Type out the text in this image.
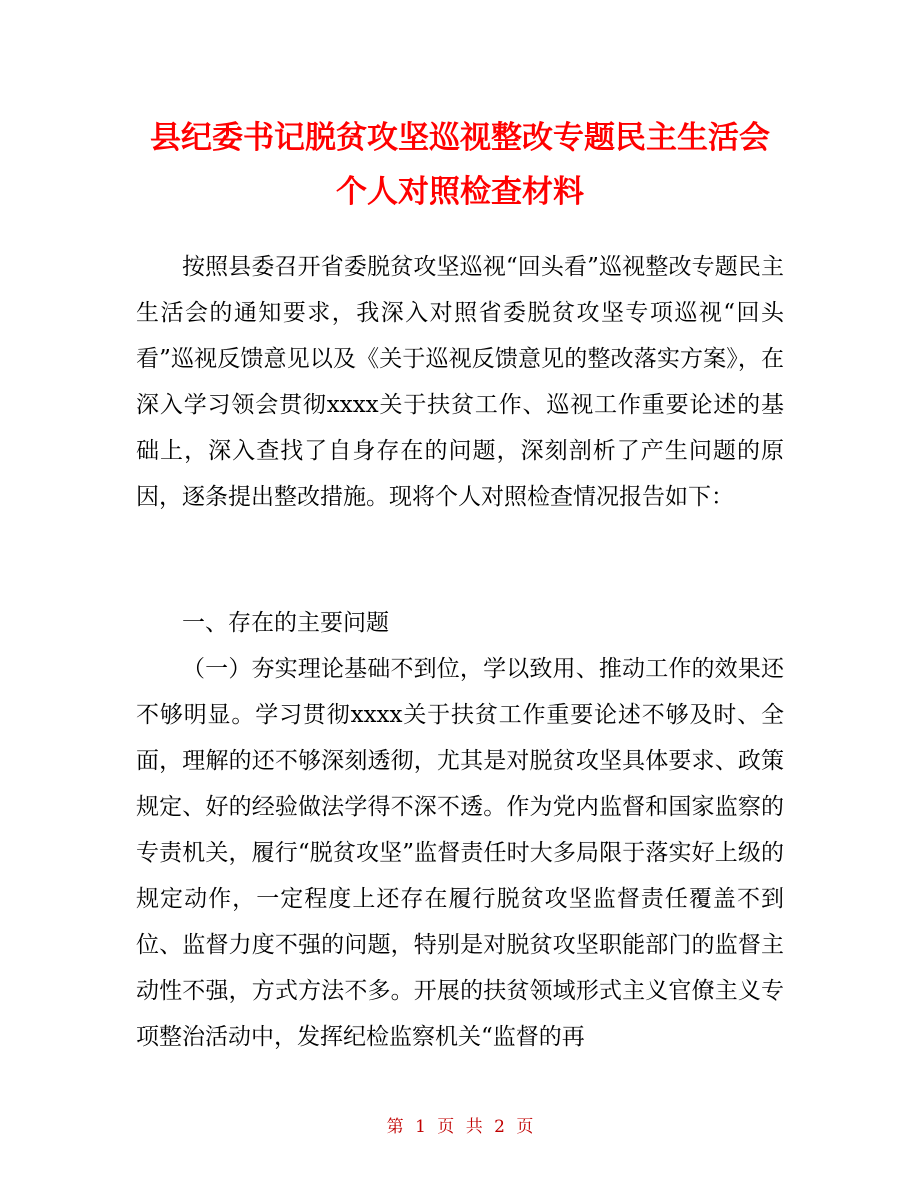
县纪委书记脱贫攻坚巡视整改专题民主生活会
个人对照检查材料

按照县委召开省委脱贫攻坚巡视“回头看”巡视整改专题民主生活会的通知要求，我深入对照省委脱贫攻坚专项巡视“回头看”巡视反馈意见以及《关于巡视反馈意见的整改落实方案》，在深入学习领会贯彻xxxx关于扶贫工作、巡视工作重要论述的基础上，深入查找了自身存在的问题，深刻剖析了产生问题的原因，逐条提出整改措施。现将个人对照检查情况报告如下：

一、存在的主要问题

（一）夯实理论基础不到位，学以致用、推动工作的效果还不够明显。学习贯彻xxxx关于扶贫工作重要论述不够及时、全面，理解的还不够深刻透彻，尤其是对脱贫攻坚具体要求、政策规定、好的经验做法学得不深不透。作为党内监督和国家监察的专责机关，履行“脱贫攻坚”监督责任时大多局限于落实好上级的规定动作，一定程度上还存在履行脱贫攻坚监督责任覆盖不到位、监督力度不强的问题，特别是对脱贫攻坚职能部门的监督主动性不强，方式方法不多。开展的扶贫领域形式主义官僚主义专项整治活动中，发挥纪检监察机关“监督的再

第 1 页 共 2 页
